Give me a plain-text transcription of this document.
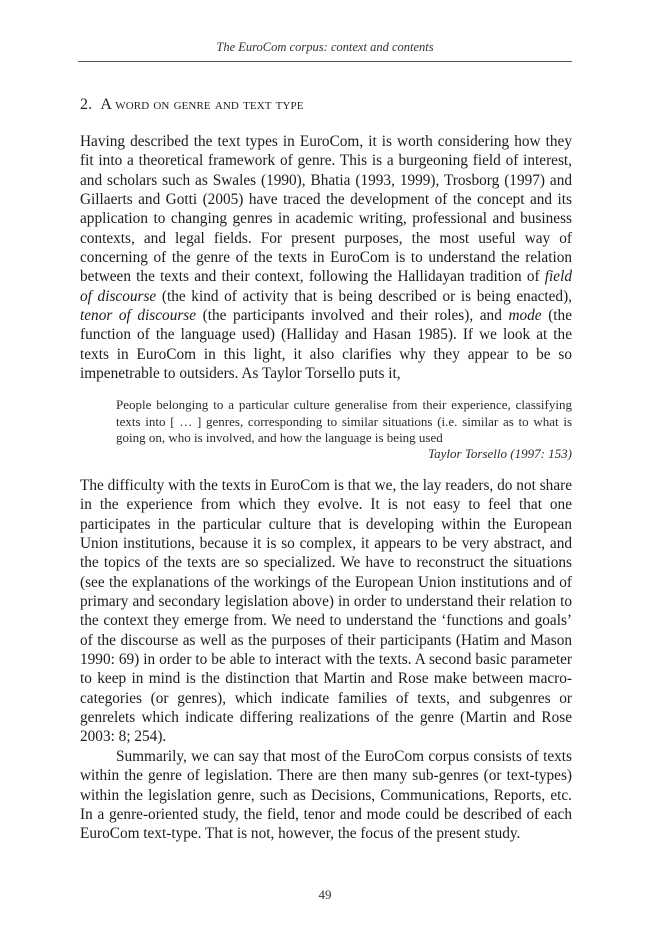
The EuroCom corpus: context and contents
2. A word on genre and text type

Having described the text types in EuroCom, it is worth considering how they fit into a theoretical framework of genre. This is a burgeoning field of interest, and scholars such as Swales (1990), Bhatia (1993, 1999), Trosborg (1997) and Gillaerts and Gotti (2005) have traced the development of the concept and its application to changing genres in academic writing, professional and business contexts, and legal fields. For present purposes, the most useful way of concerning of the genre of the texts in EuroCom is to understand the relation between the texts and their context, following the Hallidayan tradition of field of discourse (the kind of activity that is being described or is being enacted), tenor of discourse (the participants involved and their roles), and mode (the function of the language used) (Halliday and Hasan 1985). If we look at the texts in EuroCom in this light, it also clarifies why they appear to be so impenetrable to outsiders. As Taylor Torsello puts it,

People belonging to a particular culture generalise from their experience, classifying texts into [ … ] genres, corresponding to similar situations (i.e. similar as to what is going on, who is involved, and how the language is being used

Taylor Torsello (1997: 153)

The difficulty with the texts in EuroCom is that we, the lay readers, do not share in the experience from which they evolve. It is not easy to feel that one participates in the particular culture that is developing within the European Union institutions, because it is so complex, it appears to be very abstract, and the topics of the texts are so specialized. We have to reconstruct the situations (see the explanations of the workings of the European Union institutions and of primary and secondary legislation above) in order to understand their relation to the context they emerge from. We need to understand the ‘functions and goals’ of the discourse as well as the purposes of their participants (Hatim and Mason 1990: 69) in order to be able to interact with the texts. A second basic parameter to keep in mind is the distinction that Martin and Rose make between macro-categories (or genres), which indicate families of texts, and subgenres or genrelets which indicate differing realizations of the genre (Martin and Rose 2003: 8; 254).

Summarily, we can say that most of the EuroCom corpus consists of texts within the genre of legislation. There are then many sub-genres (or text-types) within the legislation genre, such as Decisions, Communications, Reports, etc. In a genre-oriented study, the field, tenor and mode could be described of each EuroCom text-type. That is not, however, the focus of the present study.

49
